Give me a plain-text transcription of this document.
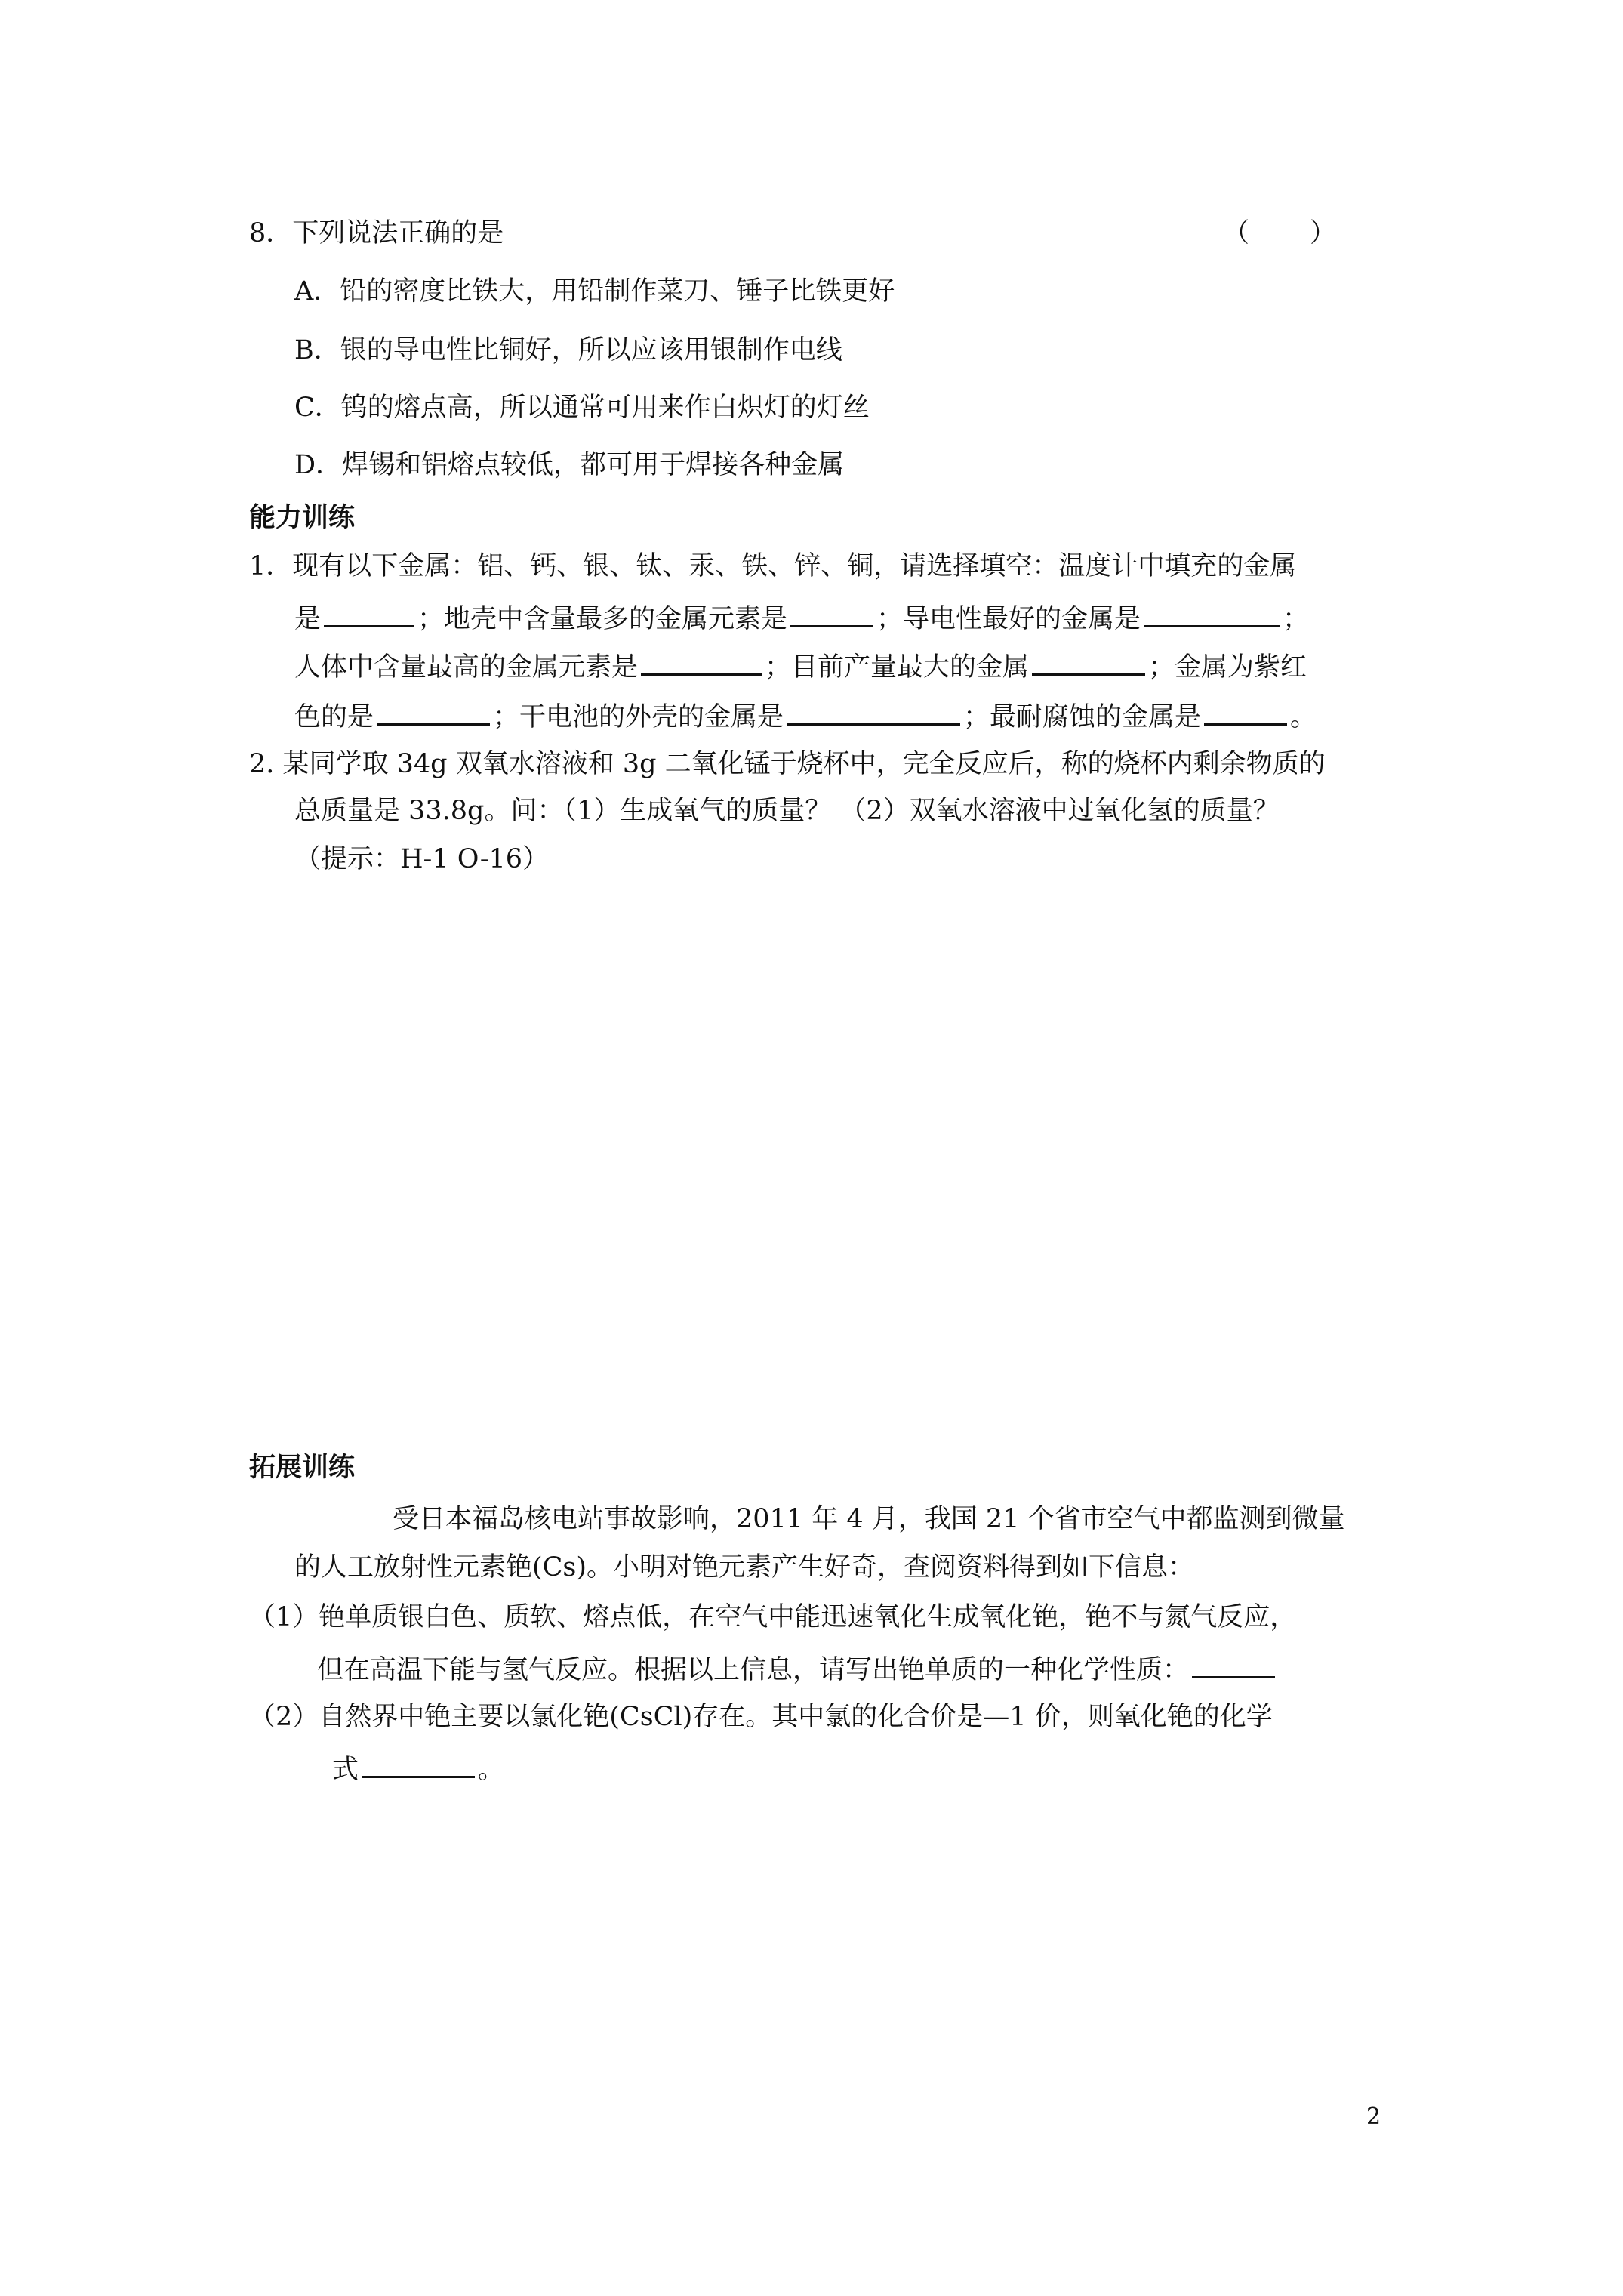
8．下列说法正确的是	（ ）
A．铅的密度比铁大，用铅制作菜刀、锤子比铁更好
B．银的导电性比铜好，所以应该用银制作电线
C．钨的熔点高，所以通常可用来作白炽灯的灯丝
D．焊锡和铝熔点较低，都可用于焊接各种金属
能力训练
1．现有以下金属：铝、钙、银、钛、汞、铁、锌、铜，请选择填空：温度计中填充的金属
是	；地壳中含量最多的金属元素是	；导电性最好的金属是	；
人体中含量最高的金属元素是	；目前产量最大的金属	；金属为紫红
色的是	；干电池的外壳的金属是	；最耐腐蚀的金属是	。
2. 某同学取 34g 双氧水溶液和 3g 二氧化锰于烧杯中，完全反应后，称的烧杯内剩余物质的
总质量是 33.8g。问：（1）生成氧气的质量？ （2）双氧水溶液中过氧化氢的质量？
（提示：H-1 O-16）
拓展训练
受日本福岛核电站事故影响，2011 年 4 月，我国 21 个省市空气中都监测到微量
的人工放射性元素铯(Cs)。小明对铯元素产生好奇，查阅资料得到如下信息：
（1）铯单质银白色、质软、熔点低，在空气中能迅速氧化生成氧化铯，铯不与氮气反应，
但在高温下能与氢气反应。根据以上信息，请写出铯单质的一种化学性质：
（2）自然界中铯主要以氯化铯(CsCl)存在。其中氯的化合价是—1 价，则氧化铯的化学
式	。
2
